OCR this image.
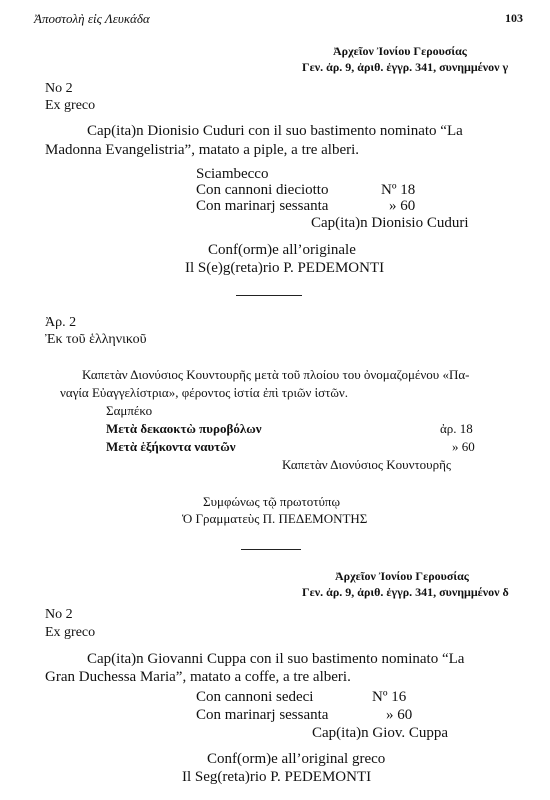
Ἀποστολὴ εἰς Λευκάδα	103
Ἀρχεῖον Ἰονίου Γερουσίας
Γεν. ἀρ. 9, ἀριθ. ἐγγρ. 341, συνημμένον γ
No 2
Ex greco
Cap(ita)n Dionisio Cuduri con il suo bastimento nominato “La
Madonna Evangelistria”, matato a piple, a tre alberi.
Sciambecco
Con cannoni dieciotto	Nº 18
Con marinarj sessanta	» 60
Cap(ita)n Dionisio Cuduri
Conf(orm)e all’originale
Il S(e)g(reta)rio P. PEDEMONTI
Ἀρ. 2
Ἐκ τοῦ ἑλληνικοῦ
Καπετὰν Διονύσιος Κουντουρῆς μετὰ τοῦ πλοίου του ὀνομαζομένου «Πα-
ναγία Εὐαγγελίστρια», φέροντος ἱστία ἐπὶ τριῶν ἱστῶν.
Σαμπέκο
Μετὰ δεκαοκτὼ πυροβόλων	ἀρ. 18
Μετὰ ἑξήκοντα ναυτῶν	» 60
Καπετὰν Διονύσιος Κουντουρῆς
Συμφώνως τῷ πρωτοτύπῳ
Ὁ Γραμματεὺς Π. ΠΕΔΕΜΟΝΤΗΣ
Ἀρχεῖον Ἰονίου Γερουσίας
Γεν. ἀρ. 9, ἀριθ. ἐγγρ. 341, συνημμένον δ
No 2
Ex greco
Cap(ita)n Giovanni Cuppa con il suo bastimento nominato “La
Gran Duchessa Maria”, matato a coffe, a tre alberi.
Con cannoni sedeci	Nº 16
Con marinarj sessanta	» 60
Cap(ita)n Giov. Cuppa
Conf(orm)e all’original greco
Il Seg(reta)rio P. PEDEMONTI
